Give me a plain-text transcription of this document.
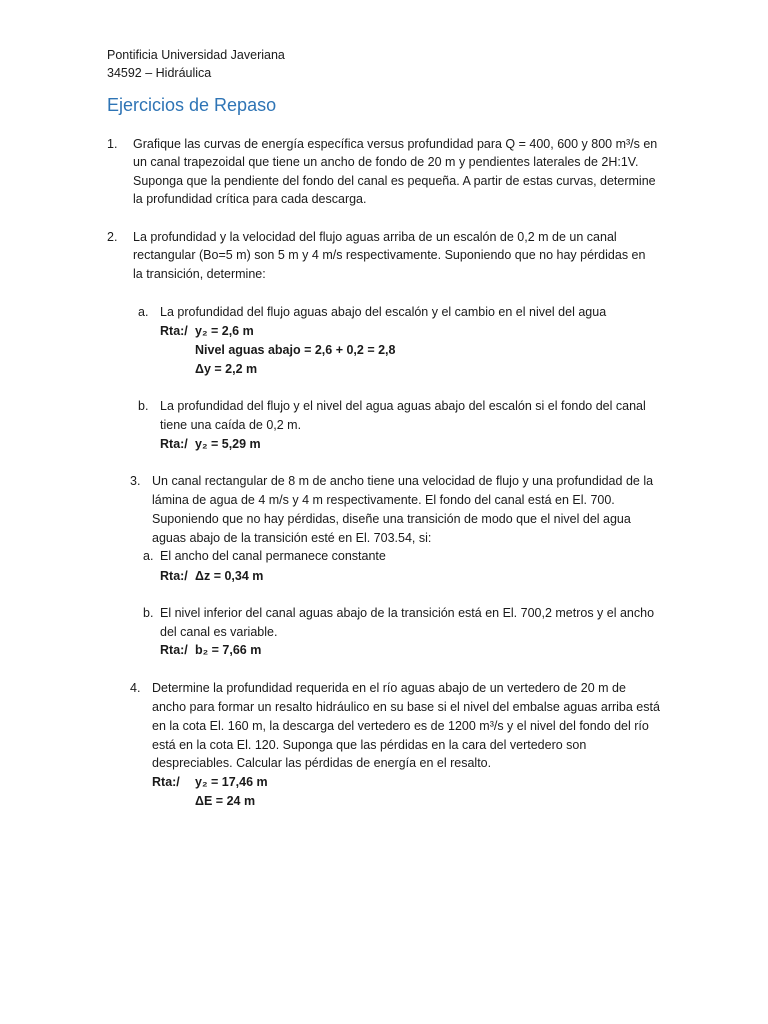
Pontificia Universidad Javeriana
34592 – Hidráulica
Ejercicios de Repaso
1. Grafique las curvas de energía específica versus profundidad para Q = 400, 600 y 800 m³/s en
un canal trapezoidal que tiene un ancho de fondo de 20 m y pendientes laterales de 2H:1V.
Suponga que la pendiente del fondo del canal es pequeña. A partir de estas curvas, determine
la profundidad crítica para cada descarga.
2. La profundidad y la velocidad del flujo aguas arriba de un escalón de 0,2 m de un canal
rectangular (Bo=5 m) son 5 m y 4 m/s respectivamente. Suponiendo que no hay pérdidas en
la transición, determine:
a. La profundidad del flujo aguas abajo del escalón y el cambio en el nivel del agua
Rta:/ y₂ = 2,6 m
Nivel aguas abajo = 2,6 + 0,2 = 2,8
Δy = 2,2 m
b. La profundidad del flujo y el nivel del agua aguas abajo del escalón si el fondo del canal
tiene una caída de 0,2 m.
Rta:/ y₂ = 5,29 m
3. Un canal rectangular de 8 m de ancho tiene una velocidad de flujo y una profundidad de la
lámina de agua de 4 m/s y 4 m respectivamente. El fondo del canal está en El. 700.
Suponiendo que no hay pérdidas, diseñe una transición de modo que el nivel del agua
aguas abajo de la transición esté en El. 703.54, si:
a. El ancho del canal permanece constante
Rta:/ Δz = 0,34 m
b. El nivel inferior del canal aguas abajo de la transición está en El. 700,2 metros y el ancho
del canal es variable.
Rta:/ b₂ = 7,66 m
4. Determine la profundidad requerida en el río aguas abajo de un vertedero de 20 m de
ancho para formar un resalto hidráulico en su base si el nivel del embalse aguas arriba está
en la cota El. 160 m, la descarga del vertedero es de 1200 m³/s y el nivel del fondo del río
está en la cota El. 120. Suponga que las pérdidas en la cara del vertedero son
despreciables. Calcular las pérdidas de energía en el resalto.
Rta:/ y₂ = 17,46 m
ΔE = 24 m
